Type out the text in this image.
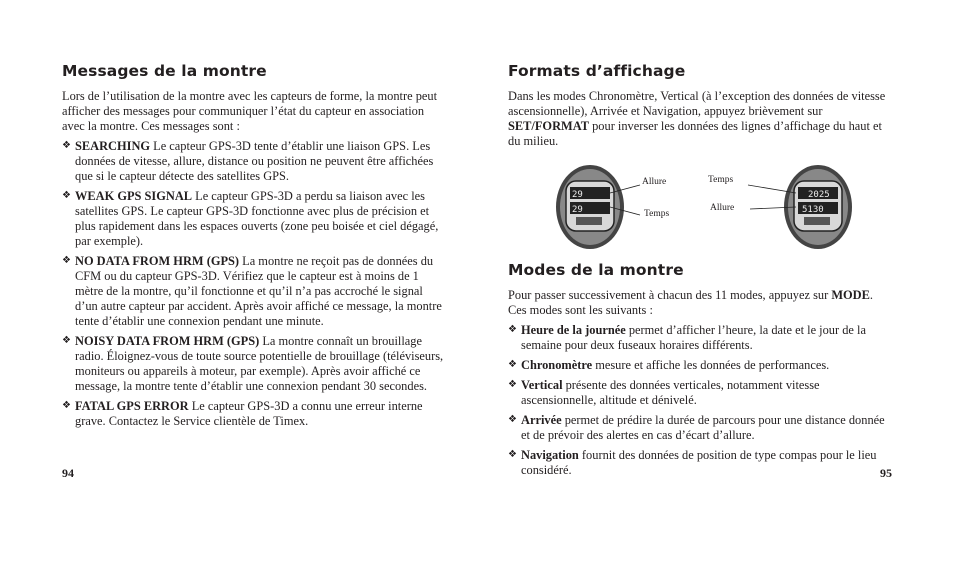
Messages de la montre

Lors de l’utilisation de la montre avec les capteurs de forme, la montre peut afficher des messages pour communiquer l’état du capteur en association avec la montre. Ces messages sont :

❖ SEARCHING Le capteur GPS-3D tente d’établir une liaison GPS. Les données de vitesse, allure, distance ou position ne peuvent être affichées que si le capteur détecte des satellites GPS.
❖ WEAK GPS SIGNAL Le capteur GPS-3D a perdu sa liaison avec les satellites GPS. Le capteur GPS-3D fonctionne avec plus de précision et plus rapidement dans les espaces ouverts (zone peu boisée et ciel dégagé, par exemple).
❖ NO DATA FROM HRM (GPS) La montre ne reçoit pas de données du CFM ou du capteur GPS-3D. Vérifiez que le capteur est à moins de 1 mètre de la montre, qu’il fonctionne et qu’il n’a pas accroché le signal d’un autre capteur par accident. Après avoir affiché ce message, la montre tente d’établir une connexion pendant une minute.
❖ NOISY DATA FROM HRM (GPS) La montre connaît un brouillage radio. Éloignez-vous de toute source potentielle de brouillage (téléviseurs, moniteurs ou appareils à moteur, par exemple). Après avoir affiché ce message, la montre tente d’établir une connexion pendant 30 secondes.
❖ FATAL GPS ERROR Le capteur GPS-3D a connu une erreur interne grave. Contactez le Service clientèle de Timex.
94
Formats d’affichage

Dans les modes Chronomètre, Vertical (à l’exception des données de vitesse ascensionnelle), Arrivée et Navigation, appuyez brièvement sur SET/FORMAT pour inverser les données des lignes d’affichage du haut et du milieu.

29
29
Allure
Temps
2025
5130
Temps
Allure
Modes de la montre

Pour passer successivement à chacun des 11 modes, appuyez sur MODE. Ces modes sont les suivants :

❖ Heure de la journée permet d’afficher l’heure, la date et le jour de la semaine pour deux fuseaux horaires différents.
❖ Chronomètre mesure et affiche les données de performances.
❖ Vertical présente des données verticales, notamment vitesse ascensionnelle, altitude et dénivelé.
❖ Arrivée permet de prédire la durée de parcours pour une distance donnée et de prévoir des alertes en cas d’écart d’allure.
❖ Navigation fournit des données de position de type compas pour le lieu considéré.	95
